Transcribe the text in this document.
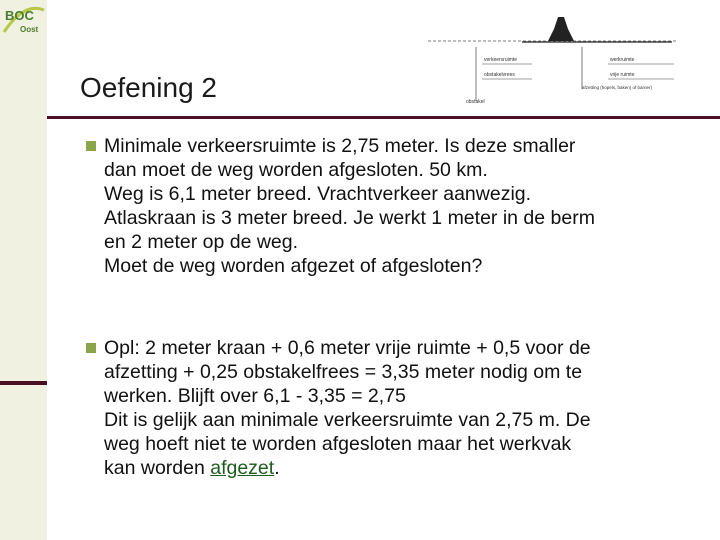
BOC
Oost
verkeersruimte	werkruimte
obstakelvrees	vrije ruimte
afzetting (hopels, baken) of barrier)
obstakel
Oefening 2
Minimale verkeersruimte is 2,75 meter. Is deze smaller
dan moet de weg worden afgesloten. 50 km.
Weg is 6,1 meter breed. Vrachtverkeer aanwezig.
Atlaskraan is 3 meter breed. Je werkt 1 meter in de berm
en 2 meter op de weg.
Moet de weg worden afgezet of afgesloten?
Opl: 2 meter kraan + 0,6 meter vrije ruimte + 0,5 voor de
afzetting + 0,25 obstakelfrees = 3,35 meter nodig om te
werken. Blijft over 6,1 - 3,35 = 2,75
Dit is gelijk aan minimale verkeersruimte van 2,75 m. De
weg hoeft niet te worden afgesloten maar het werkvak
kan worden afgezet.
